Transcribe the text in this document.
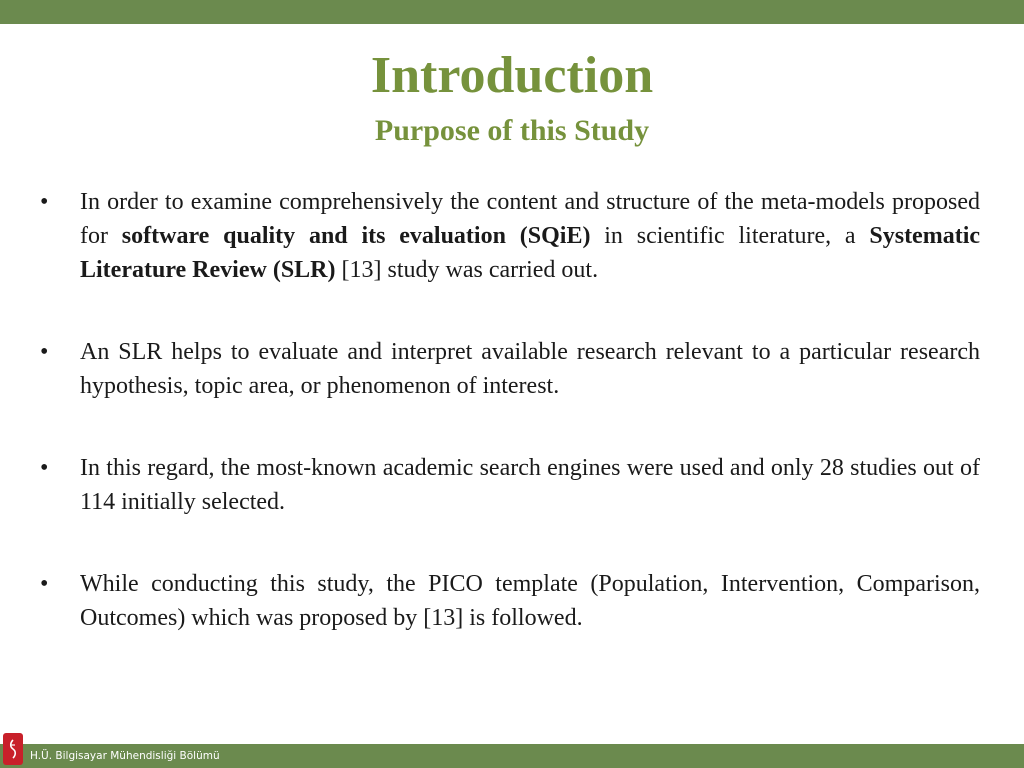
Introduction
Purpose of this Study
•	In order to examine comprehensively the content and structure of the meta-models proposed for software quality and its evaluation (SQiE) in scientific literature, a Systematic Literature Review (SLR) [13] study was carried out.
•	An SLR helps to evaluate and interpret available research relevant to a particular research hypothesis, topic area, or phenomenon of interest.
•	In this regard, the most-known academic search engines were used and only 28 studies out of 114 initially selected.
•	While conducting this study, the PICO template (Population, Intervention, Comparison, Outcomes) which was proposed by [13] is followed.
H.Ü. Bilgisayar Mühendisliği Bölümü
